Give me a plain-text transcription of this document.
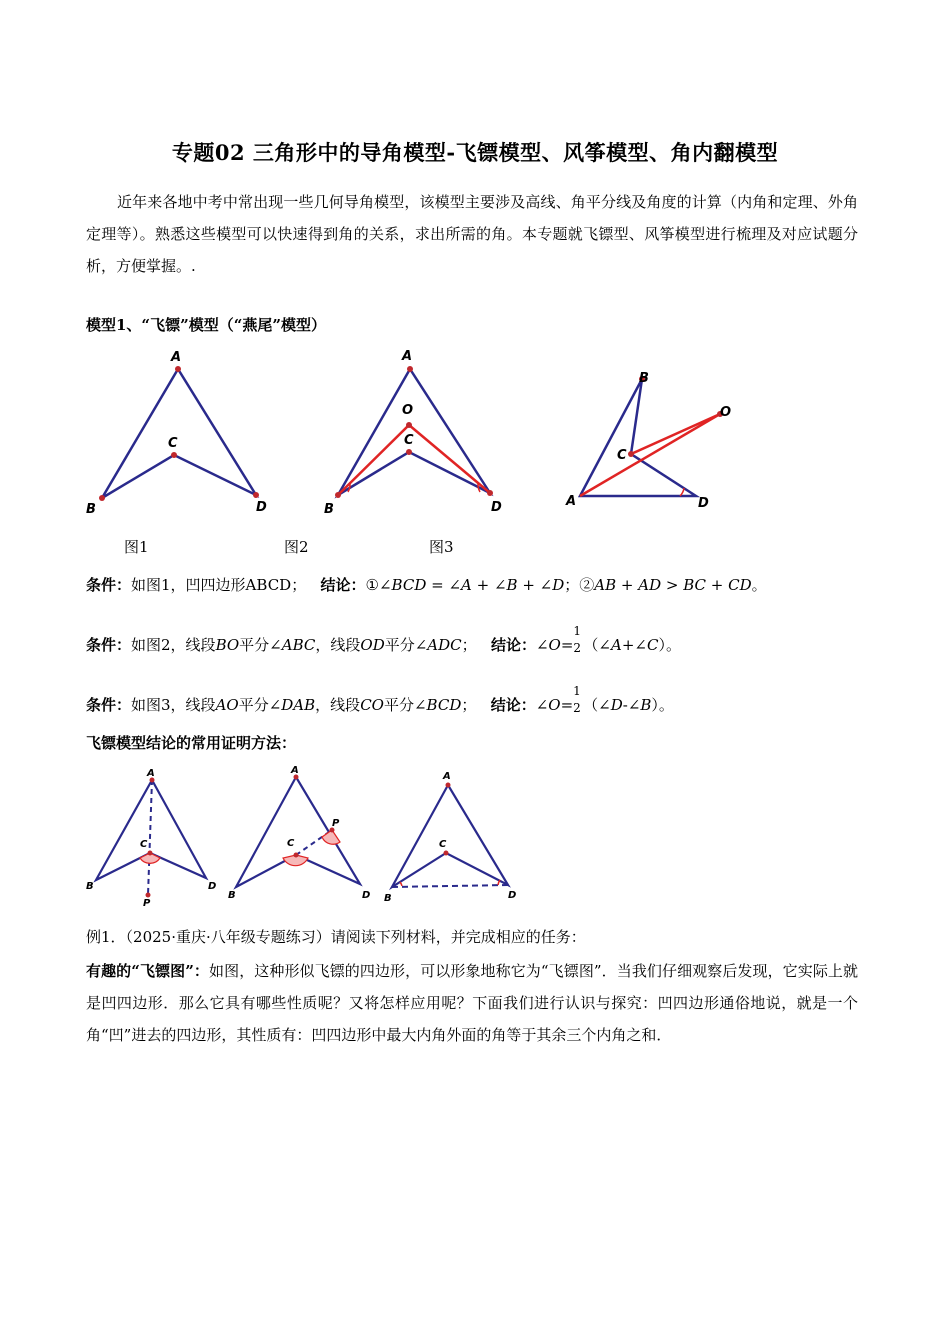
专题02 三角形中的导角模型-飞镖模型、风筝模型、角内翻模型
近年来各地中考中常出现一些几何导角模型，该模型主要涉及高线、角平分线及角度的计算（内角和定理、外角定理等）。熟悉这些模型可以快速得到角的关系，求出所需的角。本专题就飞镖型、风筝模型进行梳理及对应试题分析，方便掌握。.
模型1、“飞镖”模型（“燕尾”模型）
A
B
C
D
A
B
C
D
O
B
C
O
A	D
图1	图2	图3
条件：如图1，凹四边形ABCD； 结论：①∠BCD = ∠A + ∠B + ∠D；②AB + AD > BC + CD。
条件：如图2，线段BO平分∠ABC，线段OD平分∠ADC； 结论：∠O=
1
2 （∠A+∠C）。
条件：如图3，线段AO平分∠DAB，线段CO平分∠BCD； 结论：∠O=
1
2 （∠D-∠B）。
飞镖模型结论的常用证明方法：
A
B
C
D
P
A
B
C
D
P
A
B
C
D
例1．（2025·重庆·八年级专题练习）请阅读下列材料，并完成相应的任务：
有趣的“飞镖图”：如图，这种形似飞镖的四边形，可以形象地称它为“飞镖图”．当我们仔细观察后发现，它实际上就是凹四边形．那么它具有哪些性质呢？又将怎样应用呢？下面我们进行认识与探究：凹四边形通俗地说，就是一个角“凹”进去的四边形，其性质有：凹四边形中最大内角外面的角等于其余三个内角之和．
